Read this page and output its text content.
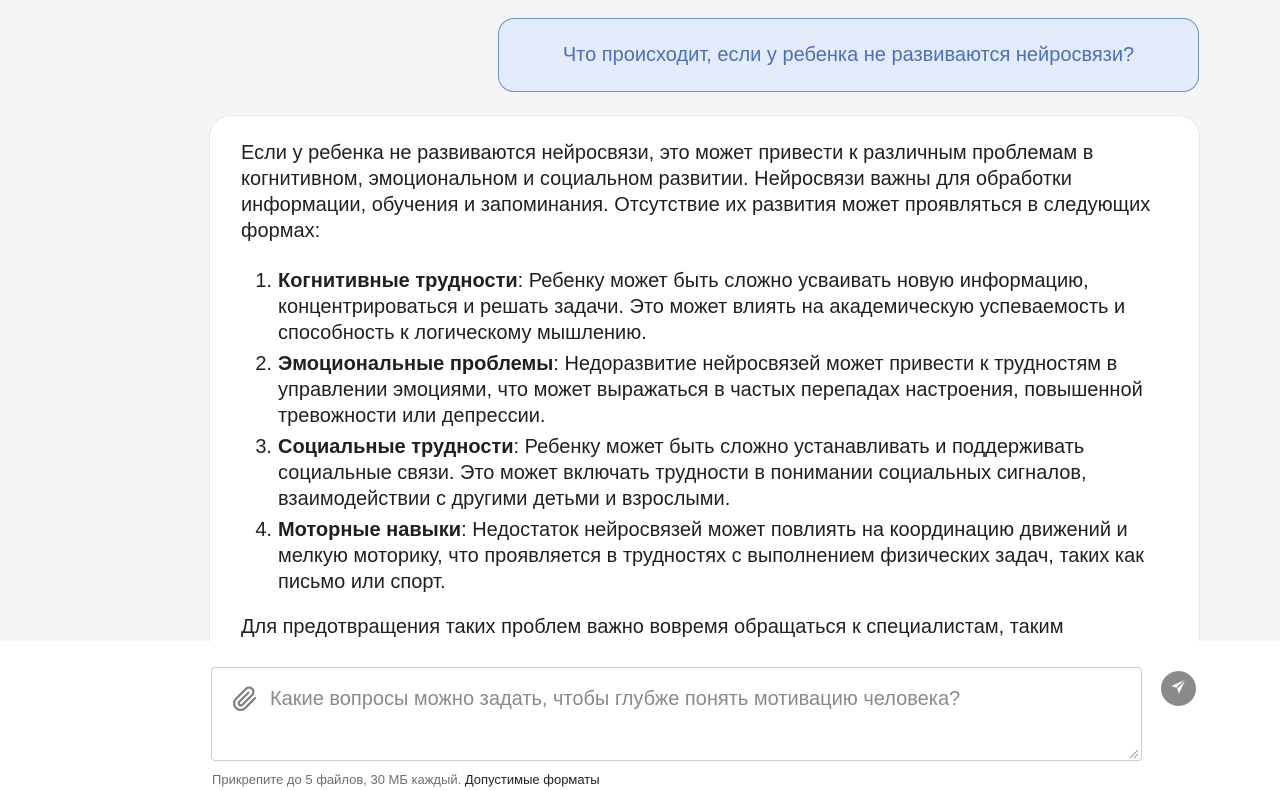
Что происходит, если у ребенка не развиваются нейросвязи?

Если у ребенка не развиваются нейросвязи, это может привести к различным проблемам в когнитивном, эмоциональном и социальном развитии. Нейросвязи важны для обработки информации, обучения и запоминания. Отсутствие их развития может проявляться в следующих формах:

1. Когнитивные трудности: Ребенку может быть сложно усваивать новую информацию, концентрироваться и решать задачи. Это может влиять на академическую успеваемость и способность к логическому мышлению.
2. Эмоциональные проблемы: Недоразвитие нейросвязей может привести к трудностям в управлении эмоциями, что может выражаться в частых перепадах настроения, повышенной тревожности или депрессии.
3. Социальные трудности: Ребенку может быть сложно устанавливать и поддерживать социальные связи. Это может включать трудности в понимании социальных сигналов, взаимодействии с другими детьми и взрослыми.
4. Моторные навыки: Недостаток нейросвязей может повлиять на координацию движений и мелкую моторику, что проявляется в трудностях с выполнением физических задач, таких как письмо или спорт.

Для предотвращения таких проблем важно вовремя обращаться к специалистам, таким

Какие вопросы можно задать, чтобы глубже понять мотивацию человека?
Прикрепите до 5 файлов, 30 МБ каждый. Допустимые форматы
